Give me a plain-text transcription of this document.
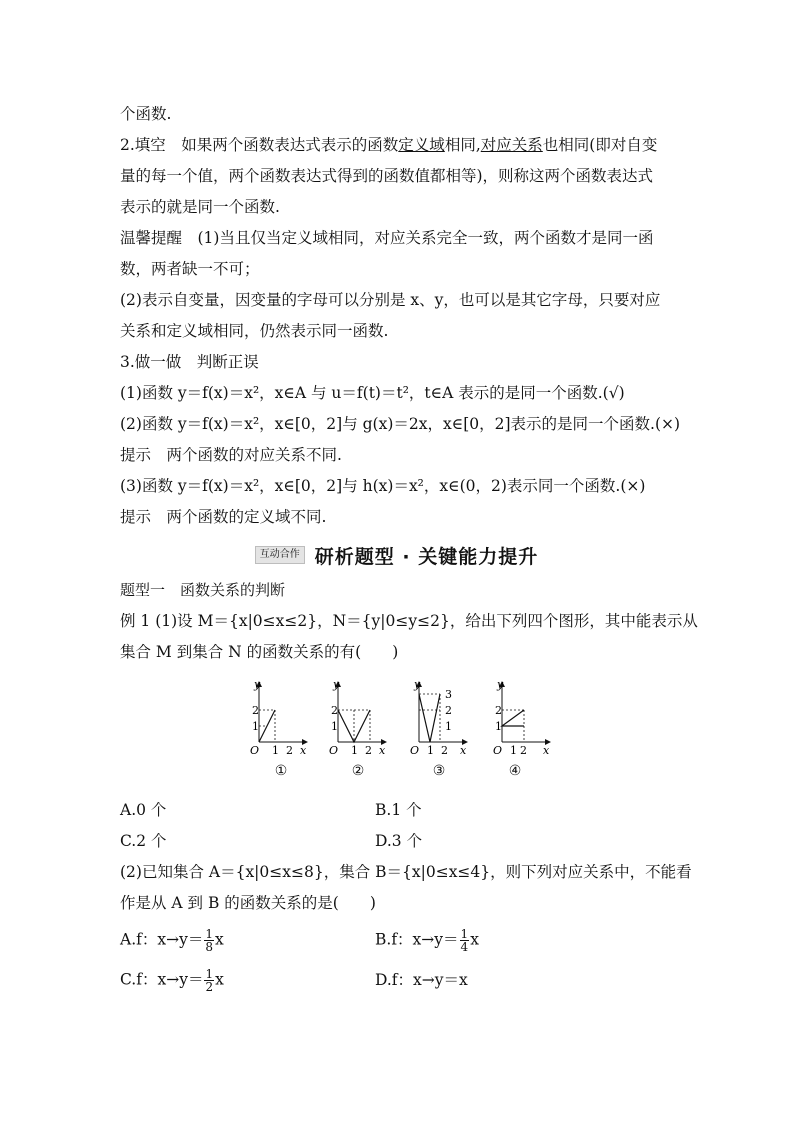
个函数.
2.填空　如果两个函数表达式表示的函数定义域相同,对应关系也相同(即对自变
量的每一个值，两个函数表达式得到的函数值都相等)，则称这两个函数表达式
表示的就是同一个函数.
温馨提醒　(1)当且仅当定义域相同，对应关系完全一致，两个函数才是同一函
数，两者缺一不可；
(2)表示自变量，因变量的字母可以分别是 x、y，也可以是其它字母，只要对应
关系和定义域相同，仍然表示同一函数.
3.做一做　判断正误
(1)函数 y＝f(x)＝x²，x∈A 与 u＝f(t)＝t²，t∈A 表示的是同一个函数.(√)
(2)函数 y＝f(x)＝x²，x∈[0，2]与 g(x)＝2x，x∈[0，2]表示的是同一个函数.(×)
提示　两个函数的对应关系不同.
(3)函数 y＝f(x)＝x²，x∈[0，2]与 h(x)＝x²，x∈(0，2)表示同一个函数.(×)
提示　两个函数的定义域不同.
互动合作 研析题型 · 关键能力提升
题型一　函数关系的判断
例 1 (1)设 M＝{x|0≤x≤2}，N＝{y|0≤y≤2}，给出下列四个图形，其中能表示从
集合 M 到集合 N 的函数关系的有(　　)
y
O
2
1
1 2 x
y
O
2
1
1 2 x
y
O
3
2
1
1 2 x
y
O
2
1
1 2 x
①	②	③	④
A.0 个	B.1 个
C.2 个	D.3 个
(2)已知集合 A＝{x|0≤x≤8}，集合 B＝{x|0≤x≤4}，则下列对应关系中，不能看
作是从 A 到 B 的函数关系的是(　　)
A.f：$x\to y= \frac{1}{8}$ x	B.f：$x\to y= \frac{1}{4}$ x
C.f：$x\to y= \frac{1}{2}$ x	D.f：x→y＝x
